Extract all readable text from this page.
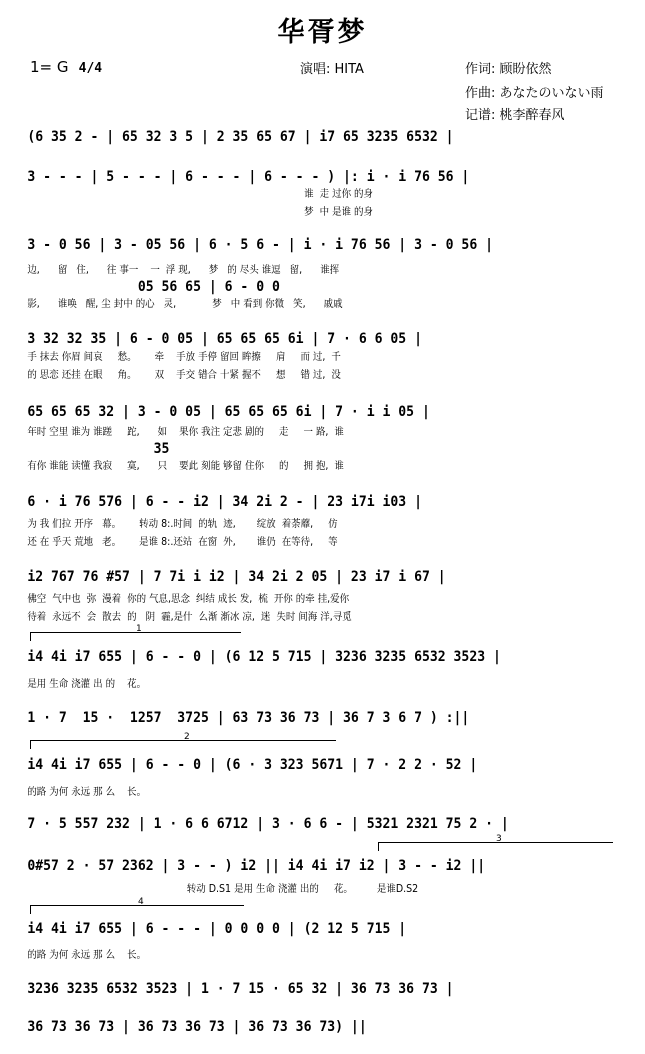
华胥梦
1= G 4/4	演唱: HITA	作词: 顾盼依然
作曲: あなたのいない雨
记谱: 桃李醉春风
(6 35 2 - | 65 32 3 5 | 2 35 65 67 | i7 65 3235 6532 |
3 - - - | 5 - - - | 6 - - - | 6 - - - ) |: i · i 76 56 |
谁  走 过你 的身
梦  中 是谁 的身
3 - 0 56 | 3 - 05 56 | 6 · 5 6 - | i · i 76 56 | 3 - 0 56 |
边,      留   住,      往 事一    一  浮 现,      梦   的 尽头 谁逗   留,      谁挥
05 56 65 | 6 - 0 0
影,      谁唤   醒, 尘 封中 的心   灵,            梦   中 看到 你微   笑,      戚戚
3 32 32 35 | 6 - 0 05 | 65 65 65 6i | 7 · 6 6 05 |
手 抹去 你眉 间哀     愁。      牵    手放 手停 留回 眸擦     肩     而 过,  千
的 思恋 还挂 在眼     角。      双    手交 错合 十紧 握不     想     错 过,  没
65 65 65 32 | 3 - 0 05 | 65 65 65 6i | 7 · i i 05 |
年时 空里 谁为 谁蹉     跎,      如    果你 我注 定悲 剧的     走     一 路,  谁
35
有你 谁能 读懂 我寂     寞,      只    要此 刻能 够留 住你     的     拥 抱,  谁
6 · i 76 576 | 6 - - i2 | 34 2i 2 - | 23 i7i i03 |
为 我 们拉 开序   幕。      转动 8:.时间  的轨  迹,       绽放  着荼蘼,     仿
还 在 乎天 荒地   老。      是谁 8:.还站  在窗  外,       谁仍  在等待,     等
i2 767 76 #57 | 7 7i i i2 | 34 2i 2 05 | 23 i7 i 67 |
佛空  气中也  弥  漫着  你的 气息,思念  纠结 成长 发,  梳  开你 的牵 挂,爱你
待着  永远不  会  散去  的   阴  霾,是什  么渐 渐冰 凉,  迷  失时 间海 洋,寻觅
i4 4i i7 655 | 6 - - 0 | (6 12 5 715 | 3236 3235 6532 3523 |
是用 生命 浇灌 出 的    花。
1 · 7  15 ·  1257  3725 | 63 73 36 73 | 36 7 3 6 7 ) :||
i4 4i i7 655 | 6 - - 0 | (6 · 3 323 5671 | 7 · 2 2 · 52 |
的路 为何 永远 那 么    长。
7 · 5 557 232 | 1 · 6 6 6712 | 3 · 6 6 - | 5321 2321 75 2 · |
0#57 2 · 57 2362 | 3 - - ) i2 || i4 4i i7 i2 | 3 - - i2 ||
转动 D.S1 是用 生命 浇灌 出的     花。        是谁D.S2
i4 4i i7 655 | 6 - - - | 0 0 0 0 | (2 12 5 715 |
的路 为何 永远 那 么    长。
3236 3235 6532 3523 | 1 · 7 15 · 65 32 | 36 73 36 73 |
36 73 36 73 | 36 73 36 73 | 36 73 36 73) ||
1
2
3
4
